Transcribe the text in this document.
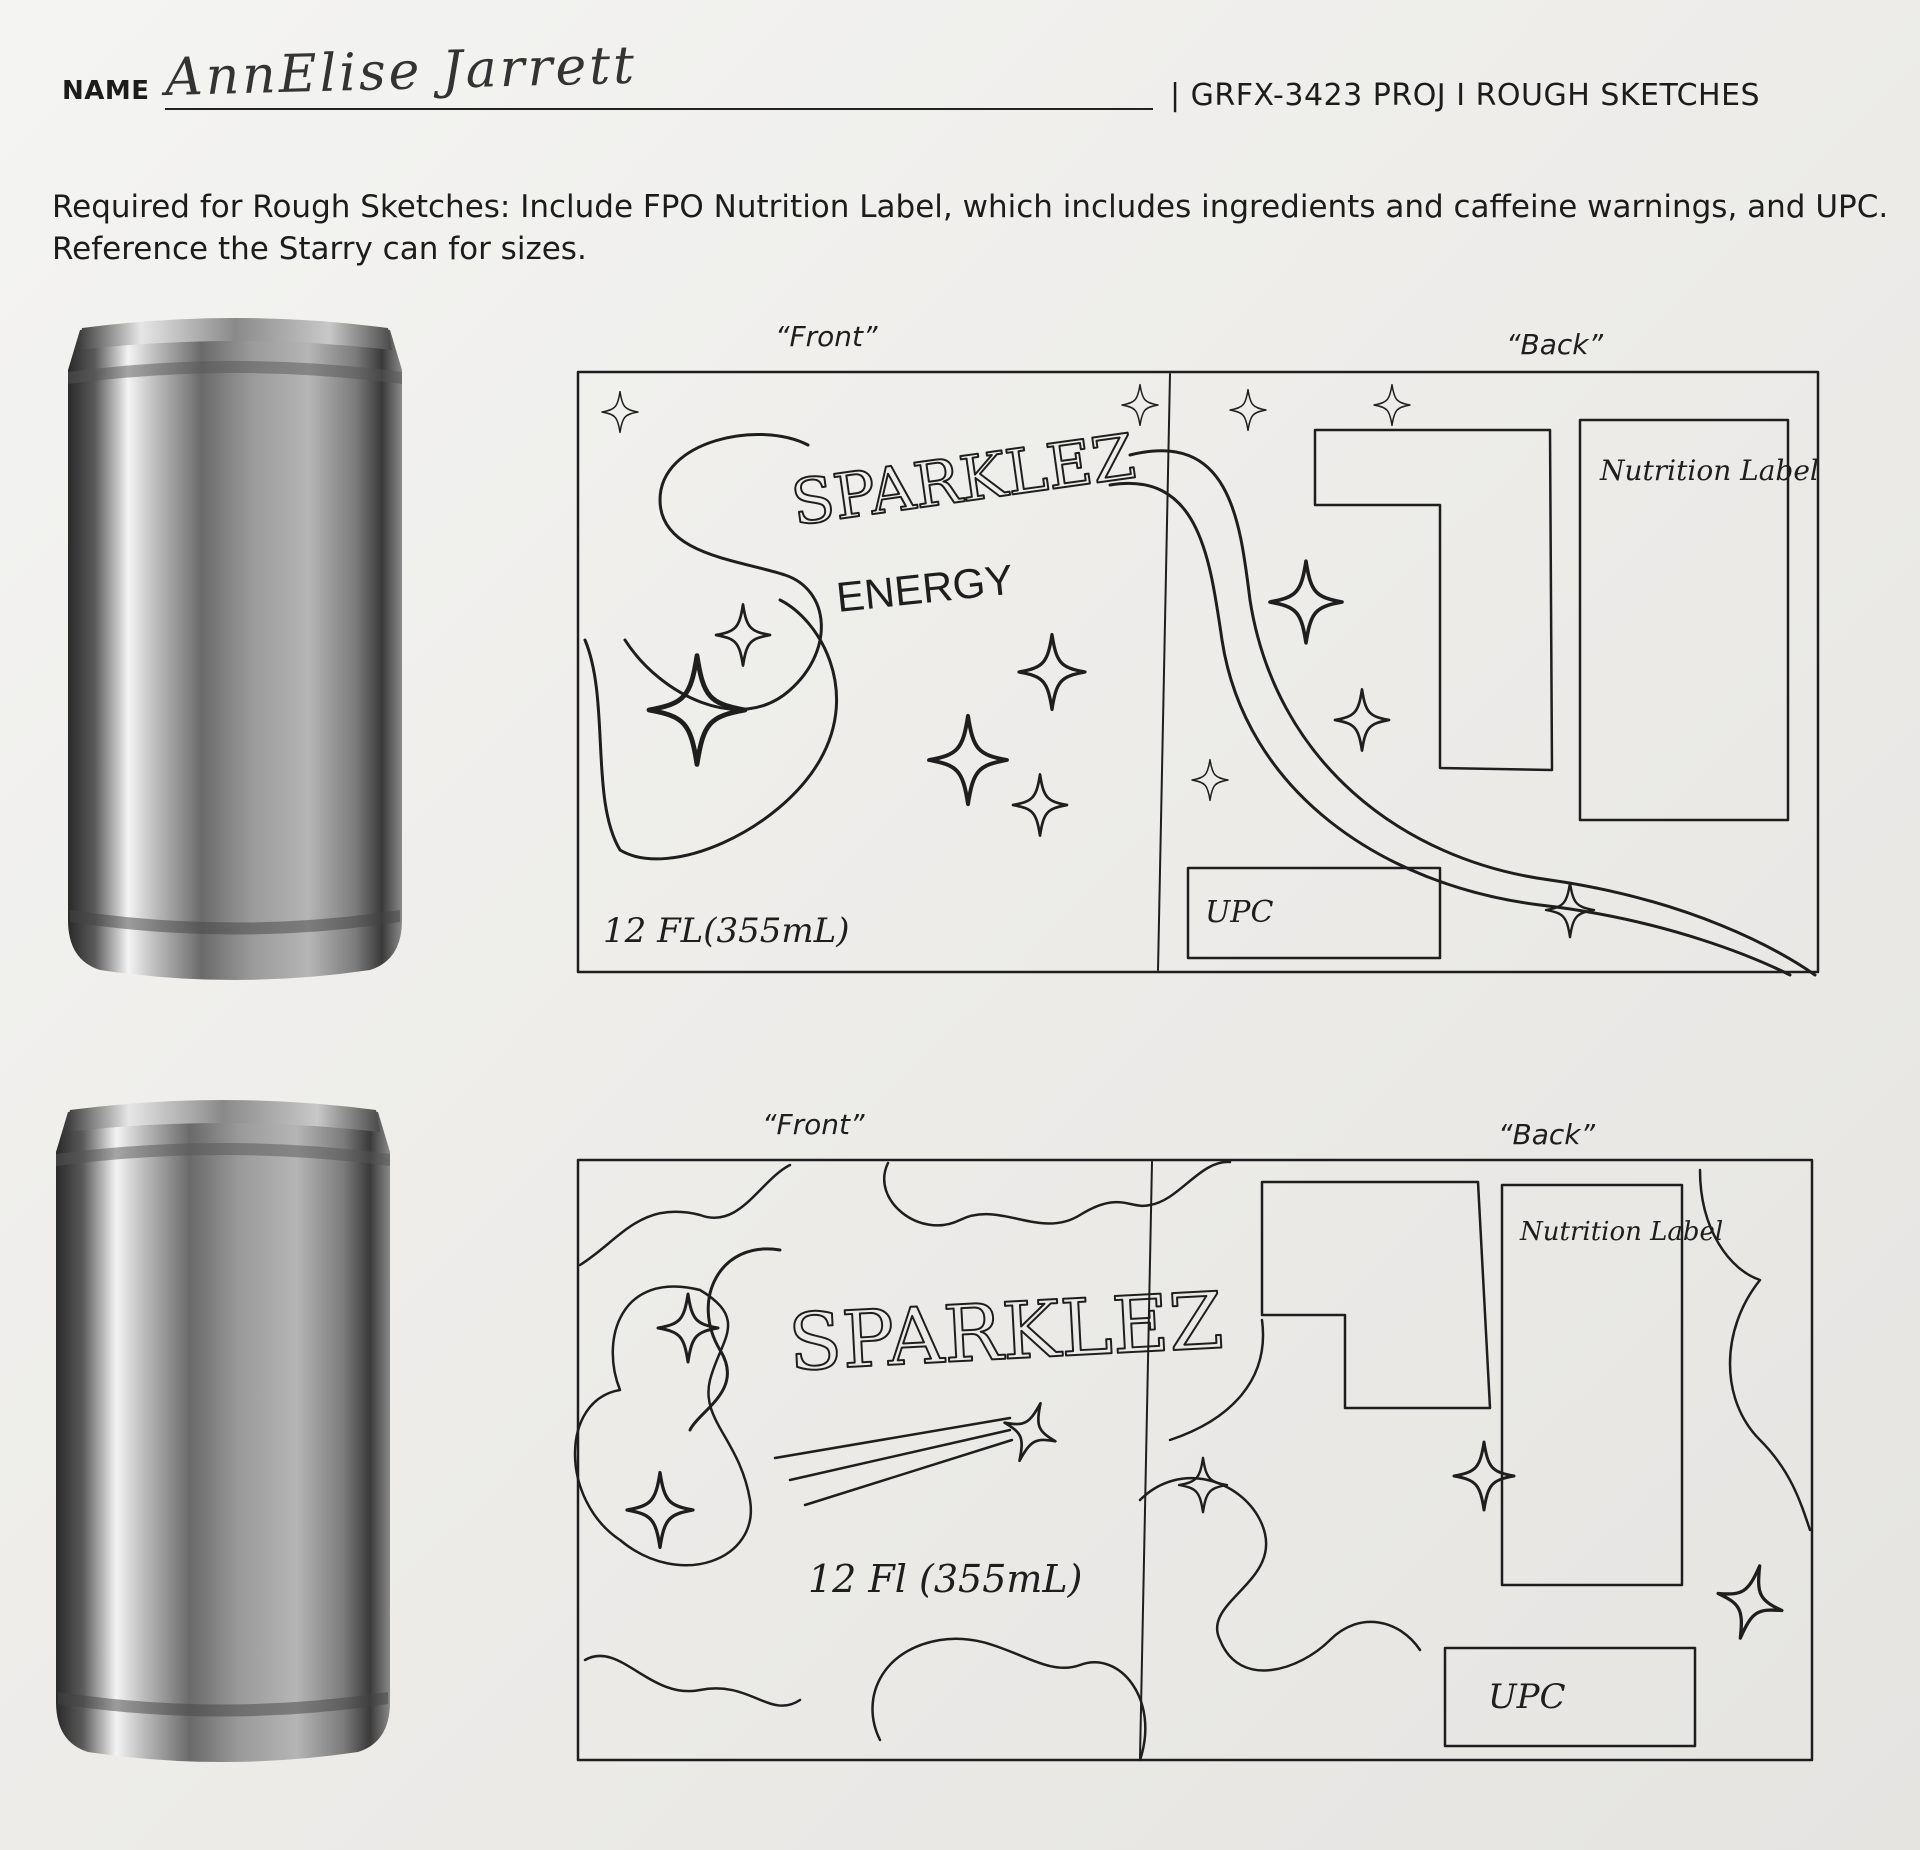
NAME AnnElise Jarrett	| GRFX-3423 PROJ I ROUGH SKETCHES
Required for Rough Sketches: Include FPO Nutrition Label, which includes ingredients and caffeine warnings, and UPC.
Reference the Starry can for sizes.
“Front”	“Back”
SPARKLEZ
ENERGY
12 FL(355mL)
Nutrition Label
UPC
“Front”	“Back”
SPARKLEZ
12 Fl (355mL)
Nutrition Label
UPC
